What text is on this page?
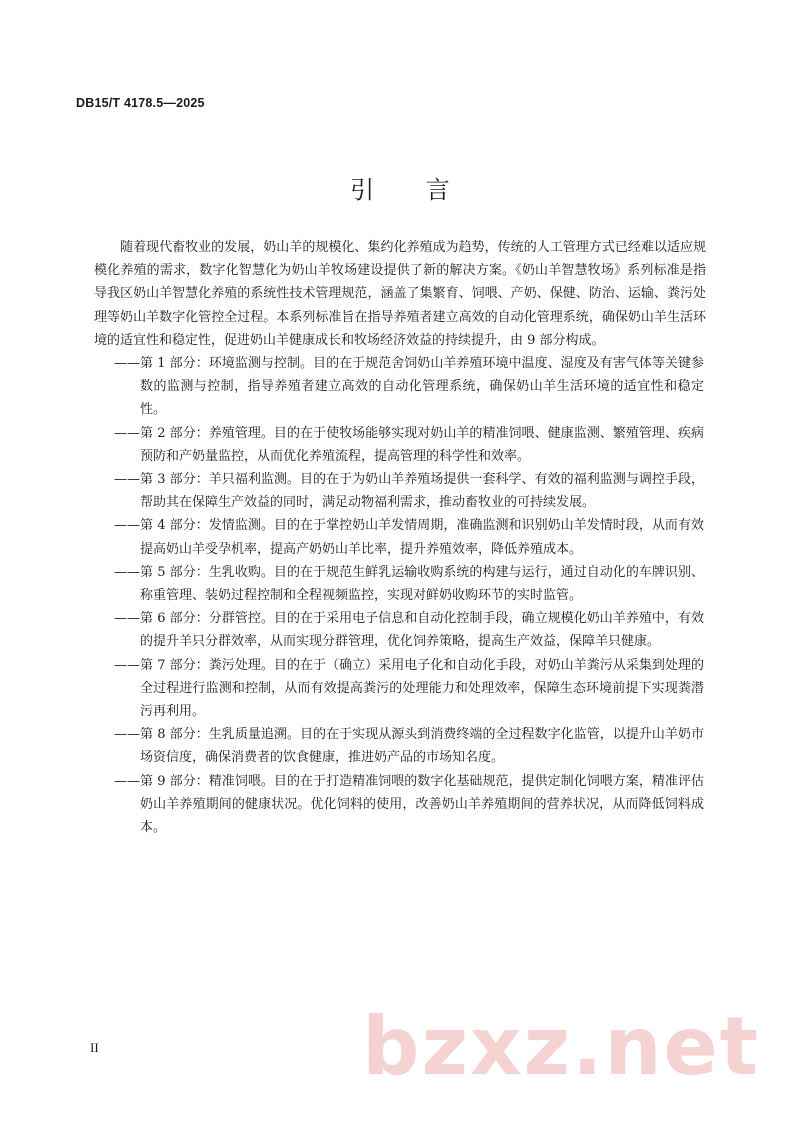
DB15/T 4178.5—2025
引 言

随着现代畜牧业的发展，奶山羊的规模化、集约化养殖成为趋势，传统的人工管理方式已经难以适应规模化养殖的需求，数字化智慧化为奶山羊牧场建设提供了新的解决方案。《奶山羊智慧牧场》系列标准是指导我区奶山羊智慧化养殖的系统性技术管理规范，涵盖了集繁育、饲喂、产奶、保健、防治、运输、粪污处理等奶山羊数字化管控全过程。本系列标准旨在指导养殖者建立高效的自动化管理系统，确保奶山羊生活环境的适宜性和稳定性，促进奶山羊健康成长和牧场经济效益的持续提升，由 9 部分构成。

——第 1 部分：环境监测与控制。目的在于规范舍饲奶山羊养殖环境中温度、湿度及有害气体等关键参数的监测与控制，指导养殖者建立高效的自动化管理系统，确保奶山羊生活环境的适宜性和稳定性。

——第 2 部分：养殖管理。目的在于使牧场能够实现对奶山羊的精准饲喂、健康监测、繁殖管理、疾病预防和产奶量监控，从而优化养殖流程，提高管理的科学性和效率。

——第 3 部分：羊只福利监测。目的在于为奶山羊养殖场提供一套科学、有效的福利监测与调控手段，帮助其在保障生产效益的同时，满足动物福利需求，推动畜牧业的可持续发展。

——第 4 部分：发情监测。目的在于掌控奶山羊发情周期，准确监测和识别奶山羊发情时段，从而有效提高奶山羊受孕机率，提高产奶奶山羊比率，提升养殖效率，降低养殖成本。

——第 5 部分：生乳收购。目的在于规范生鲜乳运输收购系统的构建与运行，通过自动化的车牌识别、称重管理、装奶过程控制和全程视频监控，实现对鲜奶收购环节的实时监管。

——第 6 部分：分群管控。目的在于采用电子信息和自动化控制手段，确立规模化奶山羊养殖中，有效的提升羊只分群效率，从而实现分群管理，优化饲养策略，提高生产效益，保障羊只健康。

——第 7 部分：粪污处理。目的在于（确立）采用电子化和自动化手段，对奶山羊粪污从采集到处理的全过程进行监测和控制，从而有效提高粪污的处理能力和处理效率，保障生态环境前提下实现粪潜污再利用。

——第 8 部分：生乳质量追溯。目的在于实现从源头到消费终端的全过程数字化监管，以提升山羊奶市场资信度，确保消费者的饮食健康，推进奶产品的市场知名度。

——第 9 部分：精准饲喂。目的在于打造精准饲喂的数字化基础规范，提供定制化饲喂方案，精准评估奶山羊养殖期间的健康状况。优化饲料的使用，改善奶山羊养殖期间的营养状况，从而降低饲料成本。

II	bzxz.net
